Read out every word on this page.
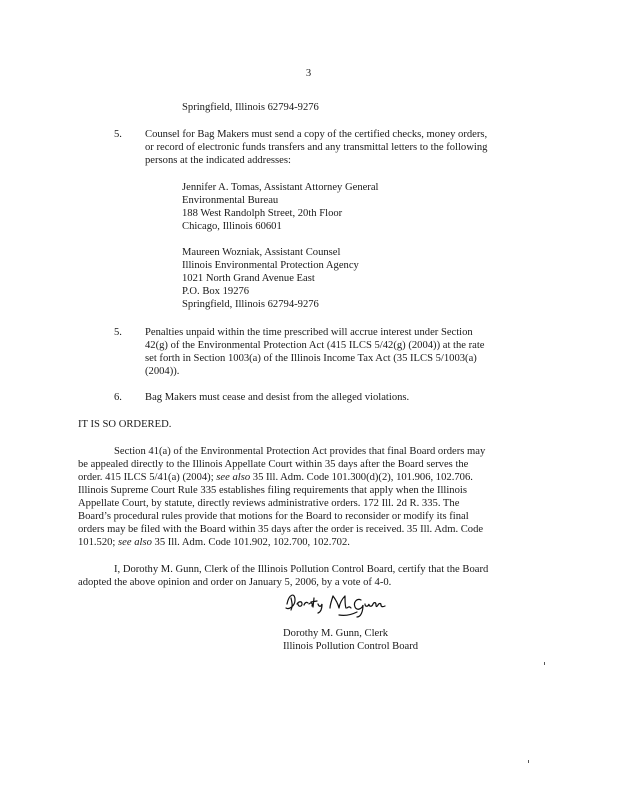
3
Springfield, Illinois 62794-9276
5. Counsel for Bag Makers must send a copy of the certified checks, money orders,
or record of electronic funds transfers and any transmittal letters to the following
persons at the indicated addresses:
Jennifer A. Tomas, Assistant Attorney General
Environmental Bureau
188 West Randolph Street, 20th Floor
Chicago, Illinois 60601
Maureen Wozniak, Assistant Counsel
Illinois Environmental Protection Agency
1021 North Grand Avenue East
P.O. Box 19276
Springfield, Illinois 62794-9276
5. Penalties unpaid within the time prescribed will accrue interest under Section
42(g) of the Environmental Protection Act (415 ILCS 5/42(g) (2004)) at the rate
set forth in Section 1003(a) of the Illinois Income Tax Act (35 ILCS 5/1003(a)
(2004)).
6. Bag Makers must cease and desist from the alleged violations.
IT IS SO ORDERED.
Section 41(a) of the Environmental Protection Act provides that final Board orders may
be appealed directly to the Illinois Appellate Court within 35 days after the Board serves the
order. 415 ILCS 5/41(a) (2004); see also 35 Ill. Adm. Code 101.300(d)(2), 101.906, 102.706.
Illinois Supreme Court Rule 335 establishes filing requirements that apply when the Illinois
Appellate Court, by statute, directly reviews administrative orders. 172 Ill. 2d R. 335. The
Board’s procedural rules provide that motions for the Board to reconsider or modify its final
orders may be filed with the Board within 35 days after the order is received. 35 Ill. Adm. Code
101.520; see also 35 Ill. Adm. Code 101.902, 102.700, 102.702.
I, Dorothy M. Gunn, Clerk of the Illinois Pollution Control Board, certify that the Board
adopted the above opinion and order on January 5, 2006, by a vote of 4-0.
Dorothy M. Gunn, Clerk
Illinois Pollution Control Board
